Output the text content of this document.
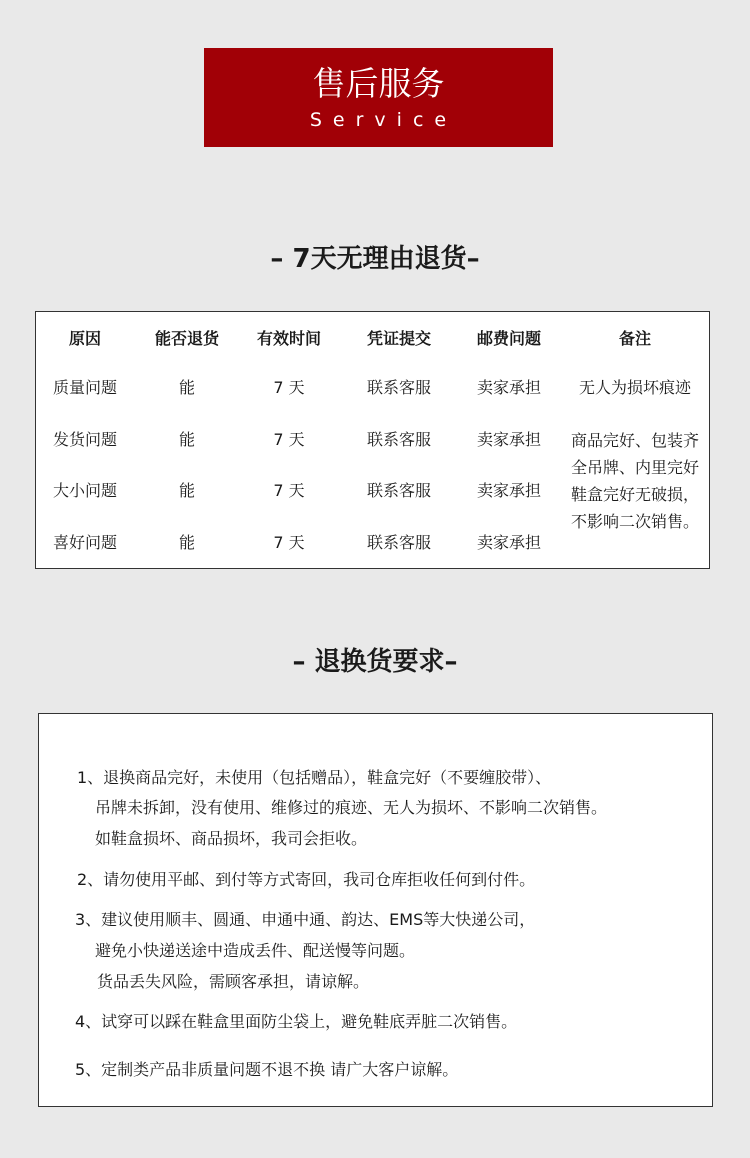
售后服务
Service
– 7天无理由退货–
原因
质量问题
发货问题
大小问题
喜好问题
能否退货
能
能
能
能
有效时间
7 天
7 天
7 天
7 天
凭证提交
联系客服
联系客服
联系客服
联系客服
邮费问题
卖家承担
卖家承担
卖家承担
卖家承担
备注
无人为损坏痕迹
商品完好、包装齐全吊牌、内里完好鞋盒完好无破损，不影响二次销售。
– 退换货要求–
1、退换商品完好，未使用（包括赠品），鞋盒完好（不要缠胶带）、
吊牌未拆卸，没有使用、维修过的痕迹、无人为损坏、不影响二次销售。
如鞋盒损坏、商品损坏，我司会拒收。
2、请勿使用平邮、到付等方式寄回，我司仓库拒收任何到付件。
3、建议使用顺丰、圆通、申通中通、韵达、EMS等大快递公司，
避免小快递送途中造成丢件、配送慢等问题。
货品丢失风险，需顾客承担，请谅解。
4、试穿可以踩在鞋盒里面防尘袋上，避免鞋底弄脏二次销售。
5、定制类产品非质量问题不退不换 请广大客户谅解。
